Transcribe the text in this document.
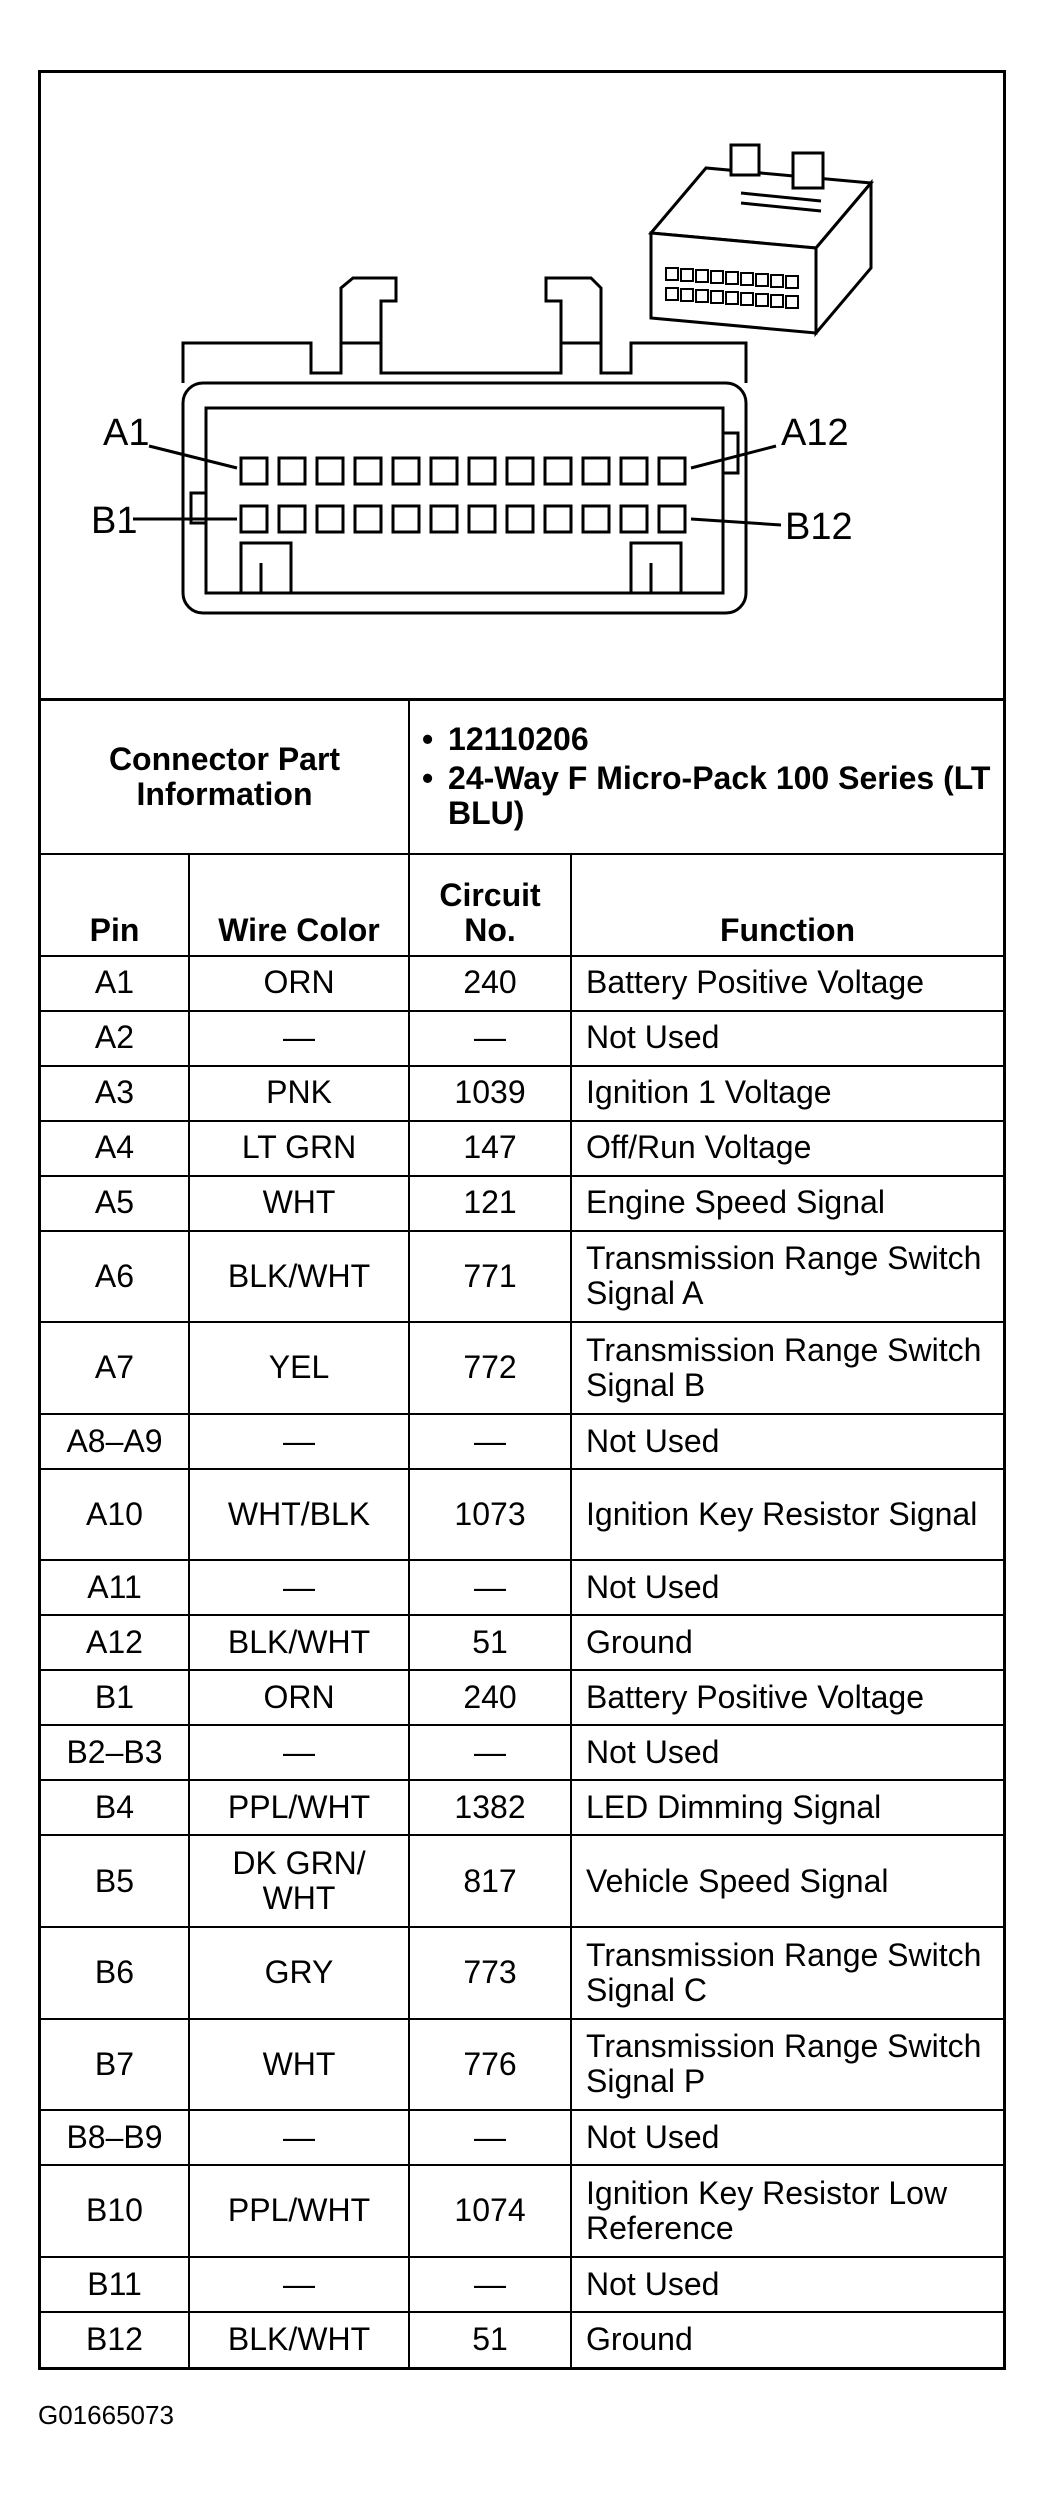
A1	A12
B1	B12
Connector Part Information		• 12110206
• 24-Way F Micro-Pack 100 Series (LT BLU)	

Pin	Wire Color	Circuit No.	Function
A1	ORN	240	Battery Positive Voltage
A2	—	—	Not Used
A3	PNK	1039	Ignition 1 Voltage
A4	LT GRN	147	Off/Run Voltage
A5	WHT	121	Engine Speed Signal
A6	BLK/WHT	771	Transmission Range Switch Signal A
A7	YEL	772	Transmission Range Switch Signal B
A8–A9	—	—	Not Used
A10	WHT/BLK	1073	Ignition Key Resistor Signal
A11	—	—	Not Used
A12	BLK/WHT	51	Ground
B1	ORN	240	Battery Positive Voltage
B2–B3	—	—	Not Used
B4	PPL/WHT	1382	LED Dimming Signal
B5	DK GRN/ WHT	817	Vehicle Speed Signal
B6	GRY	773	Transmission Range Switch Signal C
B7	WHT	776	Transmission Range Switch Signal P
B8–B9	—	—	Not Used
B10	PPL/WHT	1074	Ignition Key Resistor Low Reference
B11	—	—	Not Used
B12	BLK/WHT	51	Ground
G01665073
